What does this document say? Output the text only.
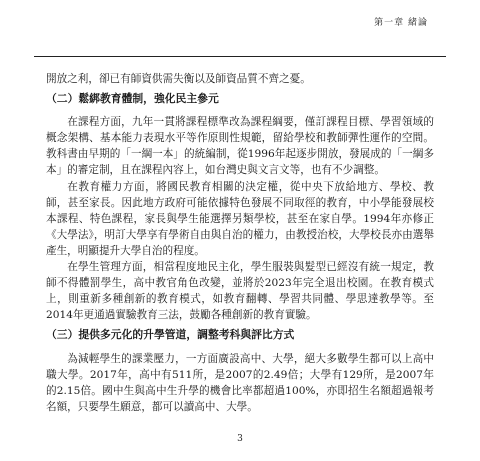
第一章 緒論

開放之利，卻已有師資供需失衡以及師資品質不齊之憂。

（二）鬆綁教育體制，強化民主參元

在課程方面，九年一貫將課程標準改為課程綱要，僅訂課程目標、學習領域的概念架構、基本能力表現水平等作原則性規範，留給學校和教師彈性運作的空間。教科書由早期的「一綱一本」的統編制，從1996年起逐步開放，發展成的「一綱多本」的審定制，且在課程內容上，如台灣史與文言文等，也有不少調整。

在教育權力方面，將國民教育相關的決定權，從中央下放給地方、學校、教師，甚至家長。因此地方政府可能依據特色發展不同取徑的教育，中小學能發展校本課程、特色課程，家長與學生能選擇另類學校，甚至在家自學。1994年亦修正《大學法》，明訂大學享有學術自由與自治的權力，由教授治校，大學校長亦由選舉產生，明顯提升大學自治的程度。

在學生管理方面，相當程度地民主化，學生服裝與髮型已經沒有統一規定，教師不得體罰學生，高中教官角色改變，並將於2023年完全退出校園。在教育模式上，則重新多種創新的教育模式，如教育翻轉、學習共同體、學思達教學等。至2014年更通過實驗教育三法，鼓勵各種創新的教育實驗。

（三）提供多元化的升學管道，調整考科與評比方式

為減輕學生的課業壓力，一方面廣設高中、大學，絕大多數學生都可以上高中職大學。2017年，高中有511所，是2007的2.49倍；大學有129所，是2007年的2.15倍。國中生與高中生升學的機會比率都超過100%，亦即招生名額超過報考名額，只要學生願意，都可以讀高中、大學。

3
